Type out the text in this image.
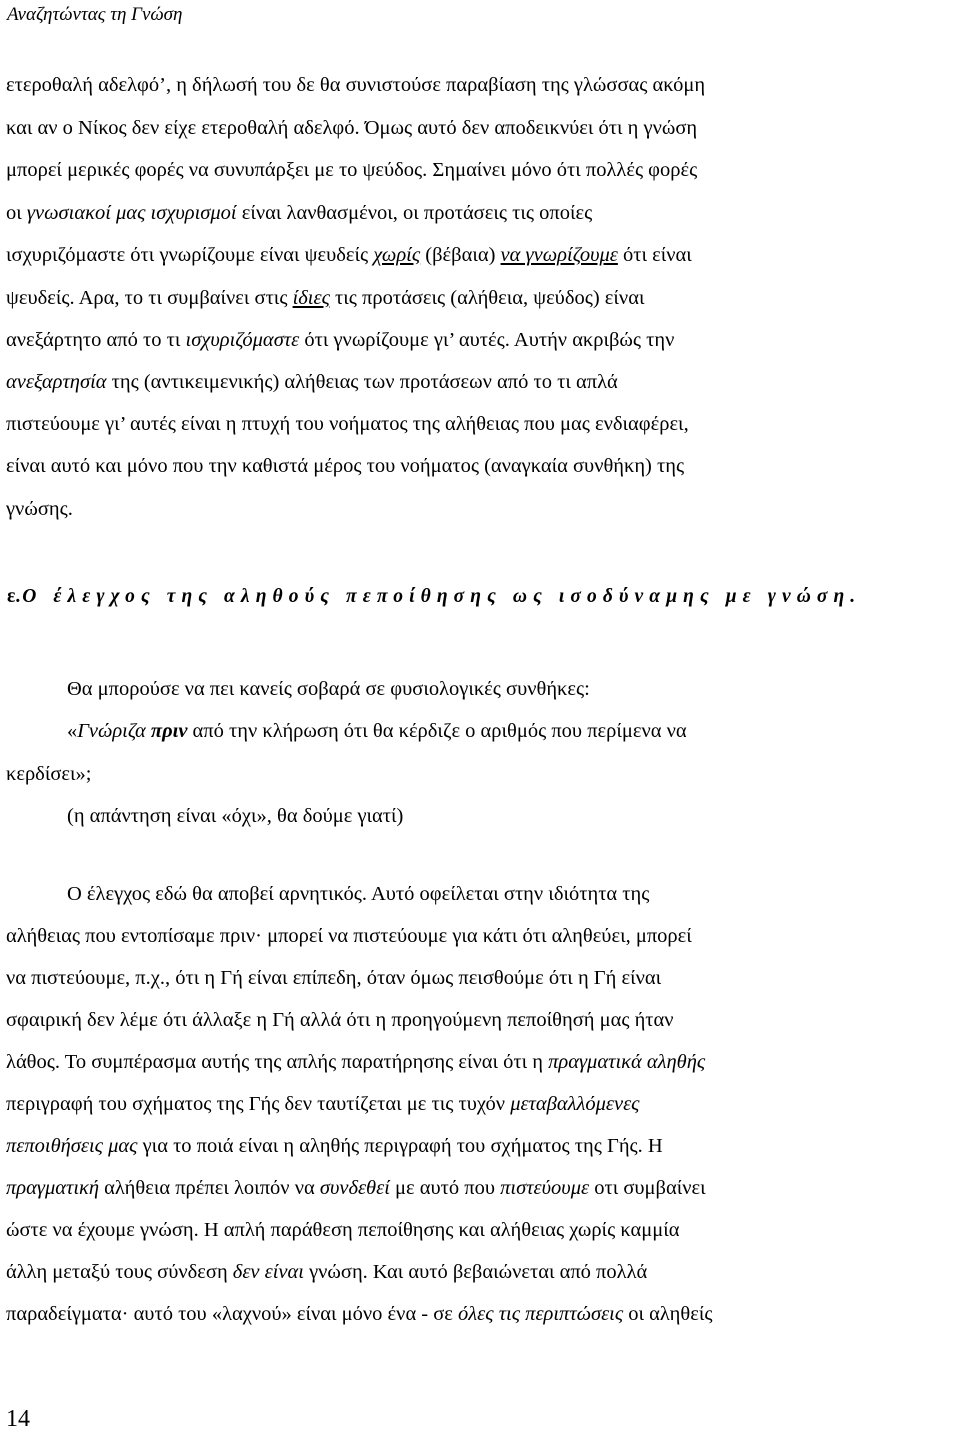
Αναζητώντας τη Γνώση
ετεροθαλή αδελφό’, η δήλωσή του δε θα συνιστούσε παραβίαση της γλώσσας ακόμη
και αν ο Νίκος δεν είχε ετεροθαλή αδελφό. Όμως αυτό δεν αποδεικνύει ότι η γνώση
μπορεί μερικές φορές να συνυπάρξει με το ψεύδος. Σημαίνει μόνο ότι πολλές φορές
οι γνωσιακοί μας ισχυρισμοί είναι λανθασμένοι, οι προτάσεις τις οποίες
ισχυριζόμαστε ότι γνωρίζουμε είναι ψευδείς χωρίς (βέβαια) να γνωρίζουμε ότι είναι
ψευδείς. Αρα, το τι συμβαίνει στις ίδιες τις προτάσεις (αλήθεια, ψεύδος) είναι
ανεξάρτητο από το τι ισχυριζόμαστε ότι γνωρίζουμε γι’ αυτές. Αυτήν ακριβώς την
ανεξαρτησία της (αντικειμενικής) αλήθειας των προτάσεων από το τι απλά
πιστεύουμε γι’ αυτές είναι η πτυχή του νοήματος της αλήθειας που μας ενδιαφέρει,
είναι αυτό και μόνο που την καθιστά μέρος του νοήματος (αναγκαία συνθήκη) της
γνώσης.
ε. Ο έλεγχος της αληθούς πεποίθησης ως ισοδύναμης με γνώση.
Θα μπορούσε να πει κανείς σοβαρά σε φυσιολογικές συνθήκες:
«Γνώριζα πριν από την κλήρωση ότι θα κέρδιζε ο αριθμός που περίμενα να
κερδίσει»;
(η απάντηση είναι «όχι», θα δούμε γιατί)
Ο έλεγχος εδώ θα αποβεί αρνητικός. Αυτό οφείλεται στην ιδιότητα της
αλήθειας που εντοπίσαμε πριν· μπορεί να πιστεύουμε για κάτι ότι αληθεύει, μπορεί
να πιστεύουμε, π.χ., ότι η Γή είναι επίπεδη, όταν όμως πεισθούμε ότι η Γή είναι
σφαιρική δεν λέμε ότι άλλαξε η Γή αλλά ότι η προηγούμενη πεποίθησή μας ήταν
λάθος. Το συμπέρασμα αυτής της απλής παρατήρησης είναι ότι η πραγματικά αληθής
περιγραφή του σχήματος της Γής δεν ταυτίζεται με τις τυχόν μεταβαλλόμενες
πεποιθήσεις μας για το ποιά είναι η αληθής περιγραφή του σχήματος της Γής. Η
πραγματική αλήθεια πρέπει λοιπόν να συνδεθεί με αυτό που πιστεύουμε οτι συμβαίνει
ώστε να έχουμε γνώση. Η απλή παράθεση πεποίθησης και αλήθειας χωρίς καμμία
άλλη μεταξύ τους σύνδεση δεν είναι γνώση. Και αυτό βεβαιώνεται από πολλά
παραδείγματα· αυτό του «λαχνού» είναι μόνο ένα - σε όλες τις περιπτώσεις οι αληθείς
14
